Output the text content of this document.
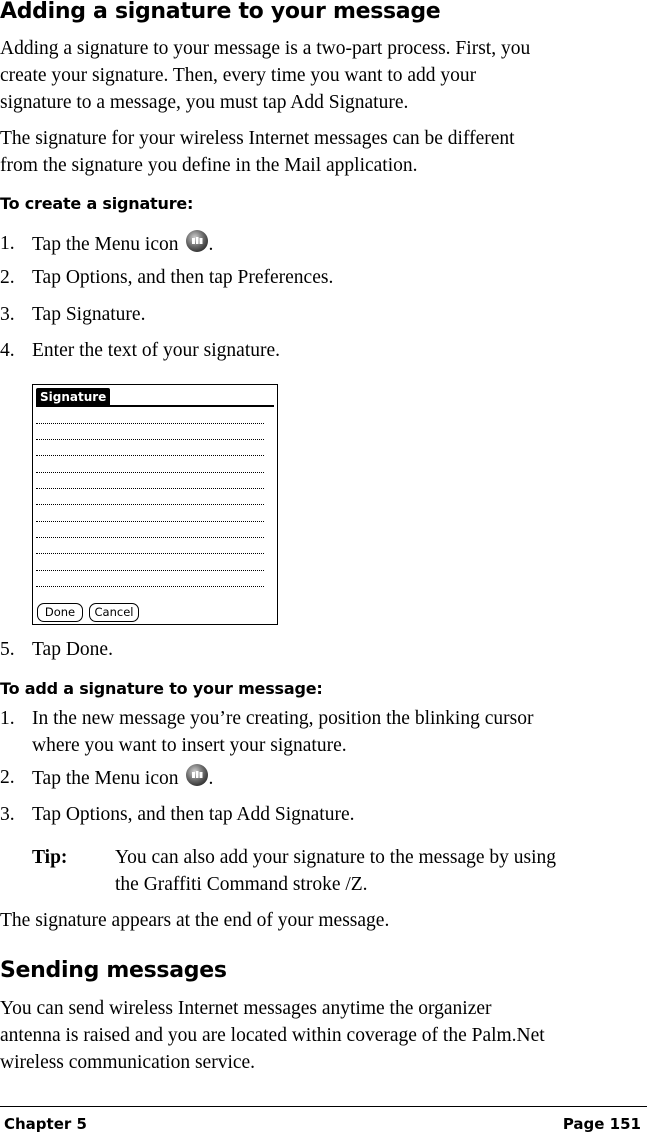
Adding a signature to your message
Adding a signature to your message is a two-part process. First, you
create your signature. Then, every time you want to add your
signature to a message, you must tap Add Signature.
The signature for your wireless Internet messages can be different
from the signature you define in the Mail application.
To create a signature:
1. Tap the Menu icon .
2. Tap Options, and then tap Preferences.
3. Tap Signature.
4. Enter the text of your signature.
Signature
Done	Cancel
5. Tap Done.
To add a signature to your message:
1. In the new message you’re creating, position the blinking cursor
where you want to insert your signature.
2. Tap the Menu icon .
3. Tap Options, and then tap Add Signature.
Tip: You can also add your signature to the message by using
the Graffiti Command stroke /Z.
The signature appears at the end of your message.
Sending messages
You can send wireless Internet messages anytime the organizer
antenna is raised and you are located within coverage of the Palm.Net
wireless communication service.
Chapter 5	Page 151
